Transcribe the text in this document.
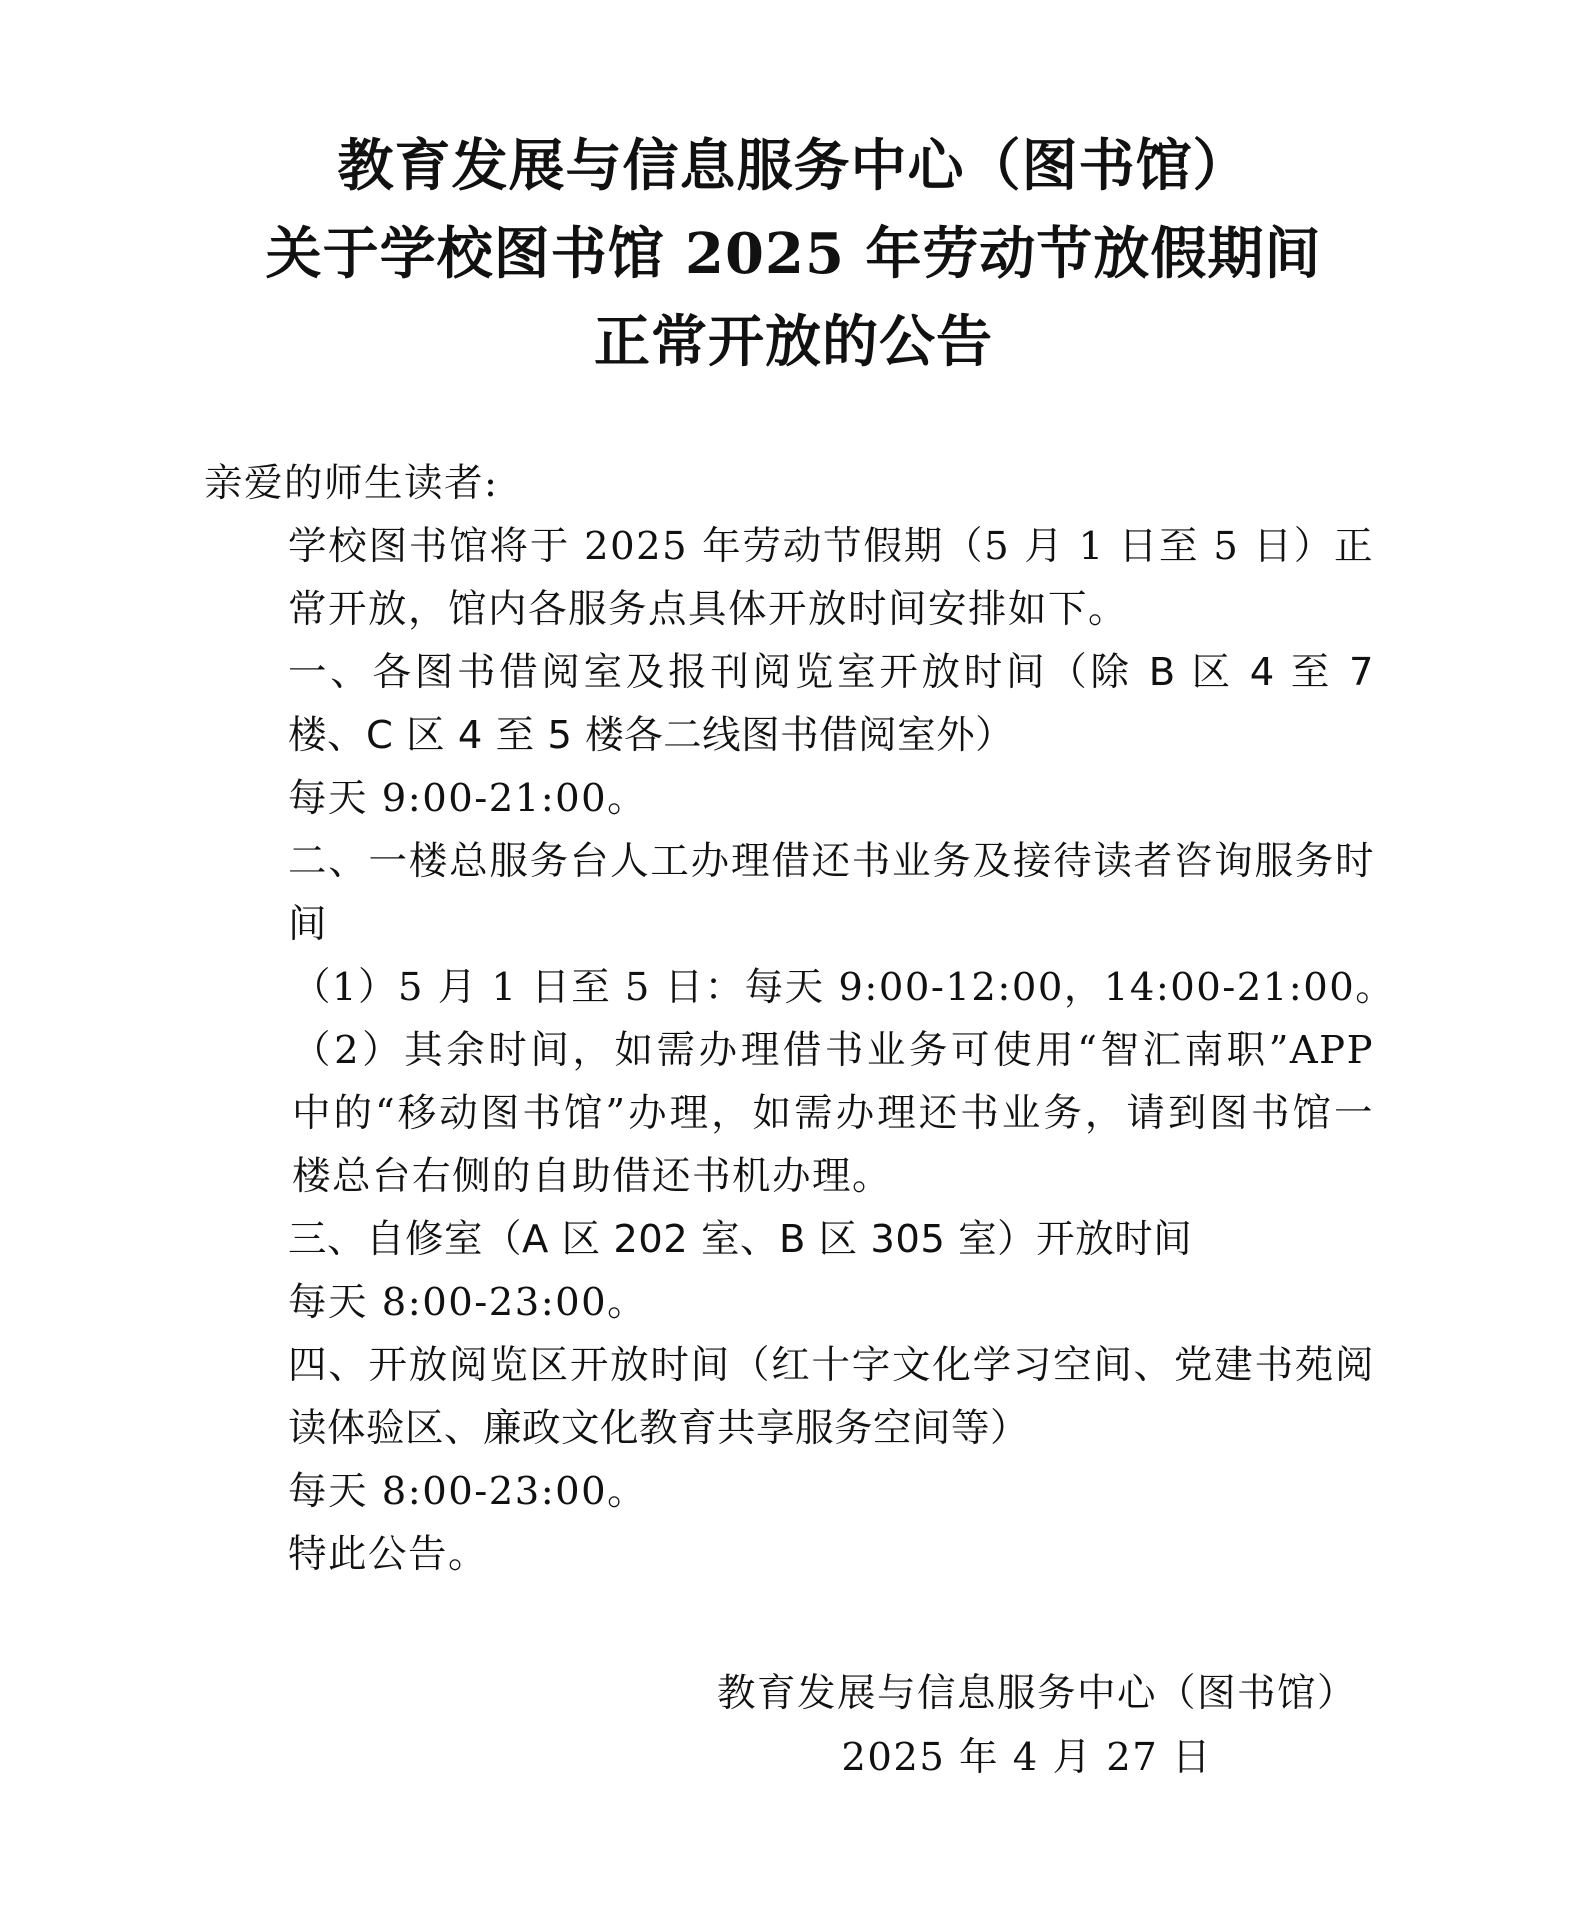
教育发展与信息服务中心（图书馆）
关于学校图书馆 2025 年劳动节放假期间
正常开放的公告
亲爱的师生读者:
学校图书馆将于 2025 年劳动节假期（5 月 1 日至 5 日）正常开放，馆内各服务点具体开放时间安排如下。
一、各图书借阅室及报刊阅览室开放时间（除 B 区 4 至 7 楼、C 区 4 至 5 楼各二线图书借阅室外）
每天 9:00-21:00。
二、一楼总服务台人工办理借还书业务及接待读者咨询服务时间
（1）5 月 1 日至 5 日：每天 9:00-12:00，14:00-21:00。
（2）其余时间，如需办理借书业务可使用“智汇南职”APP 中的“移动图书馆”办理，如需办理还书业务，请到图书馆一楼总台右侧的自助借还书机办理。
三、自修室（A 区 202 室、B 区 305 室）开放时间
每天 8:00-23:00。
四、开放阅览区开放时间（红十字文化学习空间、党建书苑阅读体验区、廉政文化教育共享服务空间等）
每天 8:00-23:00。
特此公告。
教育发展与信息服务中心（图书馆）
2025 年 4 月 27 日
